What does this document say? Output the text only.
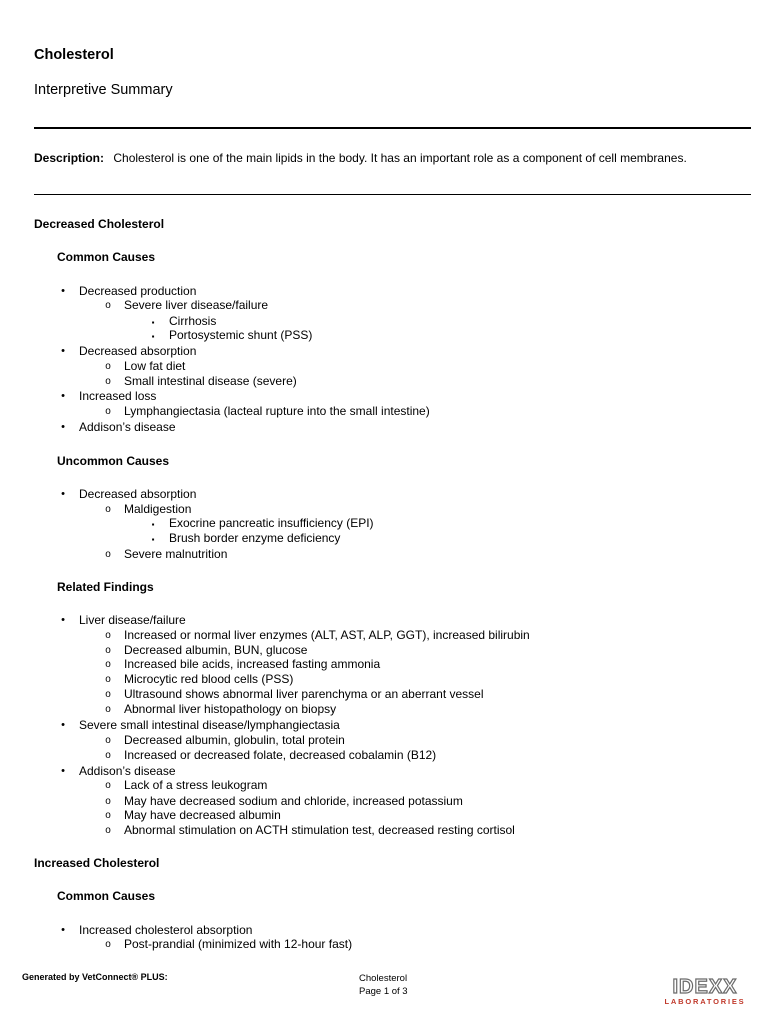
Cholesterol
Interpretive Summary

Description: Cholesterol is one of the main lipids in the body. It has an important role as a component of cell membranes.

Decreased Cholesterol

Common Causes

•	Decreased production
o Severe liver disease/failure
▪	Cirrhosis
▪	Portosystemic shunt (PSS)
•	Decreased absorption
o Low fat diet
o Small intestinal disease (severe)
•	Increased loss
o Lymphangiectasia (lacteal rupture into the small intestine)
•	Addison’s disease

Uncommon Causes

•	Decreased absorption
o Maldigestion
▪	Exocrine pancreatic insufficiency (EPI)
▪	Brush border enzyme deficiency
o Severe malnutrition

Related Findings

•	Liver disease/failure
o Increased or normal liver enzymes (ALT, AST, ALP, GGT), increased bilirubin
o Decreased albumin, BUN, glucose
o Increased bile acids, increased fasting ammonia
o Microcytic red blood cells (PSS)
o Ultrasound shows abnormal liver parenchyma or an aberrant vessel
o Abnormal liver histopathology on biopsy
•	Severe small intestinal disease/lymphangiectasia
o Decreased albumin, globulin, total protein
o Increased or decreased folate, decreased cobalamin (B12)
•	Addison’s disease
o Lack of a stress leukogram
o May have decreased sodium and chloride, increased potassium
o May have decreased albumin
o Abnormal stimulation on ACTH stimulation test, decreased resting cortisol

Increased Cholesterol

Common Causes

•	Increased cholesterol absorption
o Post-prandial (minimized with 12-hour fast)

Generated by VetConnect® PLUS:	Cholesterol
Page 1 of 3	IDEXX
LABORATORIES
